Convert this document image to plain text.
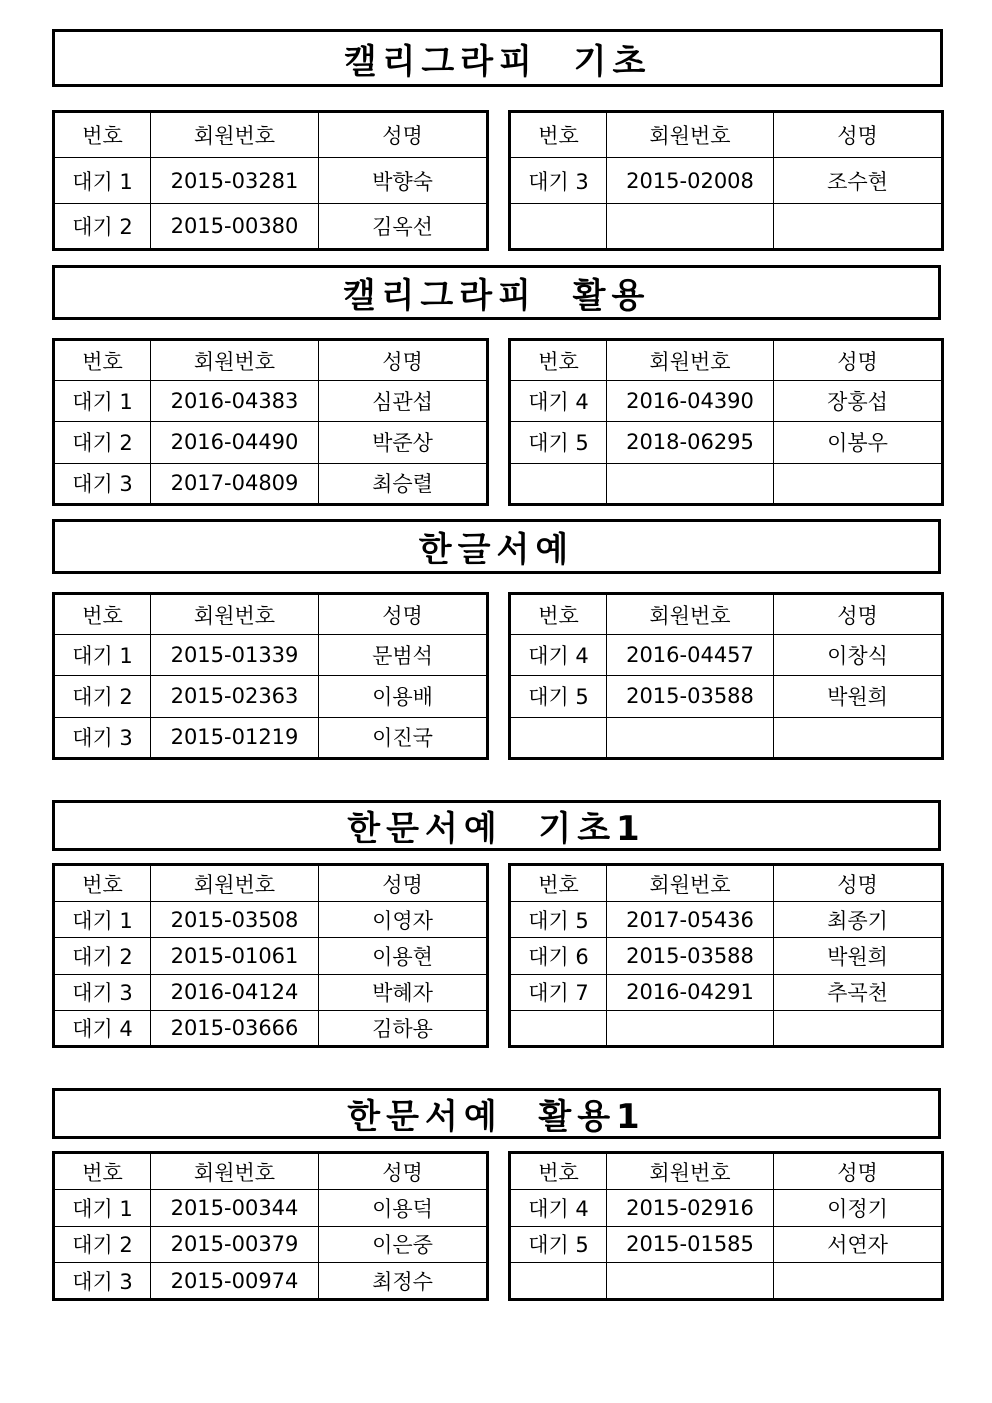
캘리그라피  기초
번호	회원번호	성명
대기 1	2015-03281	박향숙
대기 2	2015-00380	김옥선
번호	회원번호	성명
대기 3	2015-02008	조수현

캘리그라피  활용
번호	회원번호	성명
대기 1	2016-04383	심관섭
대기 2	2016-04490	박준상
대기 3	2017-04809	최승렬
번호	회원번호	성명
대기 4	2016-04390	장홍섭
대기 5	2018-06295	이봉우

한글서예
번호	회원번호	성명
대기 1	2015-01339	문범석
대기 2	2015-02363	이용배
대기 3	2015-01219	이진국
번호	회원번호	성명
대기 4	2016-04457	이창식
대기 5	2015-03588	박원희

한문서예  기초1
번호	회원번호	성명
대기 1	2015-03508	이영자
대기 2	2015-01061	이용현
대기 3	2016-04124	박혜자
대기 4	2015-03666	김하용
번호	회원번호	성명
대기 5	2017-05436	최종기
대기 6	2015-03588	박원희
대기 7	2016-04291	추곡천

한문서예  활용1
번호	회원번호	성명
대기 1	2015-00344	이용덕
대기 2	2015-00379	이은중
대기 3	2015-00974	최정수
번호	회원번호	성명
대기 4	2015-02916	이정기
대기 5	2015-01585	서연자
